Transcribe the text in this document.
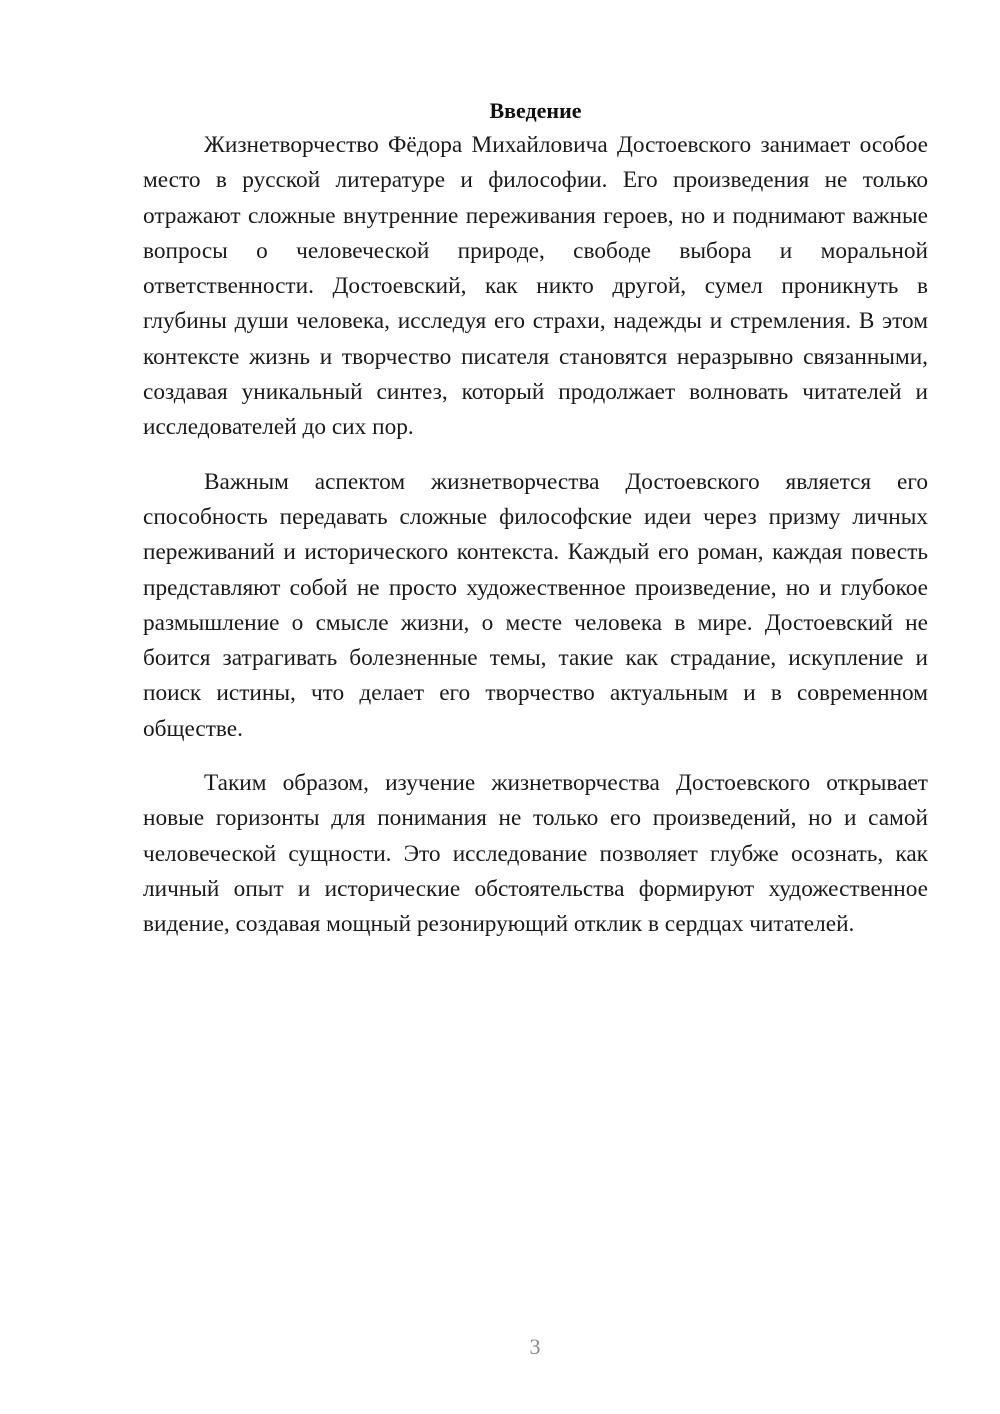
Введение

Жизнетворчество Фёдора Михайловича Достоевского занимает особое место в русской литературе и философии. Его произведения не только отражают сложные внутренние переживания героев, но и поднимают важные вопросы о человеческой природе, свободе выбора и моральной ответственности. Достоевский, как никто другой, сумел проникнуть в глубины души человека, исследуя его страхи, надежды и стремления. В этом контексте жизнь и творчество писателя становятся неразрывно связанными, создавая уникальный синтез, который продолжает волновать читателей и исследователей до сих пор.

Важным аспектом жизнетворчества Достоевского является его способность передавать сложные философские идеи через призму личных переживаний и исторического контекста. Каждый его роман, каждая повесть представляют собой не просто художественное произведение, но и глубокое размышление о смысле жизни, о месте человека в мире. Достоевский не боится затрагивать болезненные темы, такие как страдание, искупление и поиск истины, что делает его творчество актуальным и в современном обществе.

Таким образом, изучение жизнетворчества Достоевского открывает новые горизонты для понимания не только его произведений, но и самой человеческой сущности. Это исследование позволяет глубже осознать, как личный опыт и исторические обстоятельства формируют художественное видение, создавая мощный резонирующий отклик в сердцах читателей.

3
